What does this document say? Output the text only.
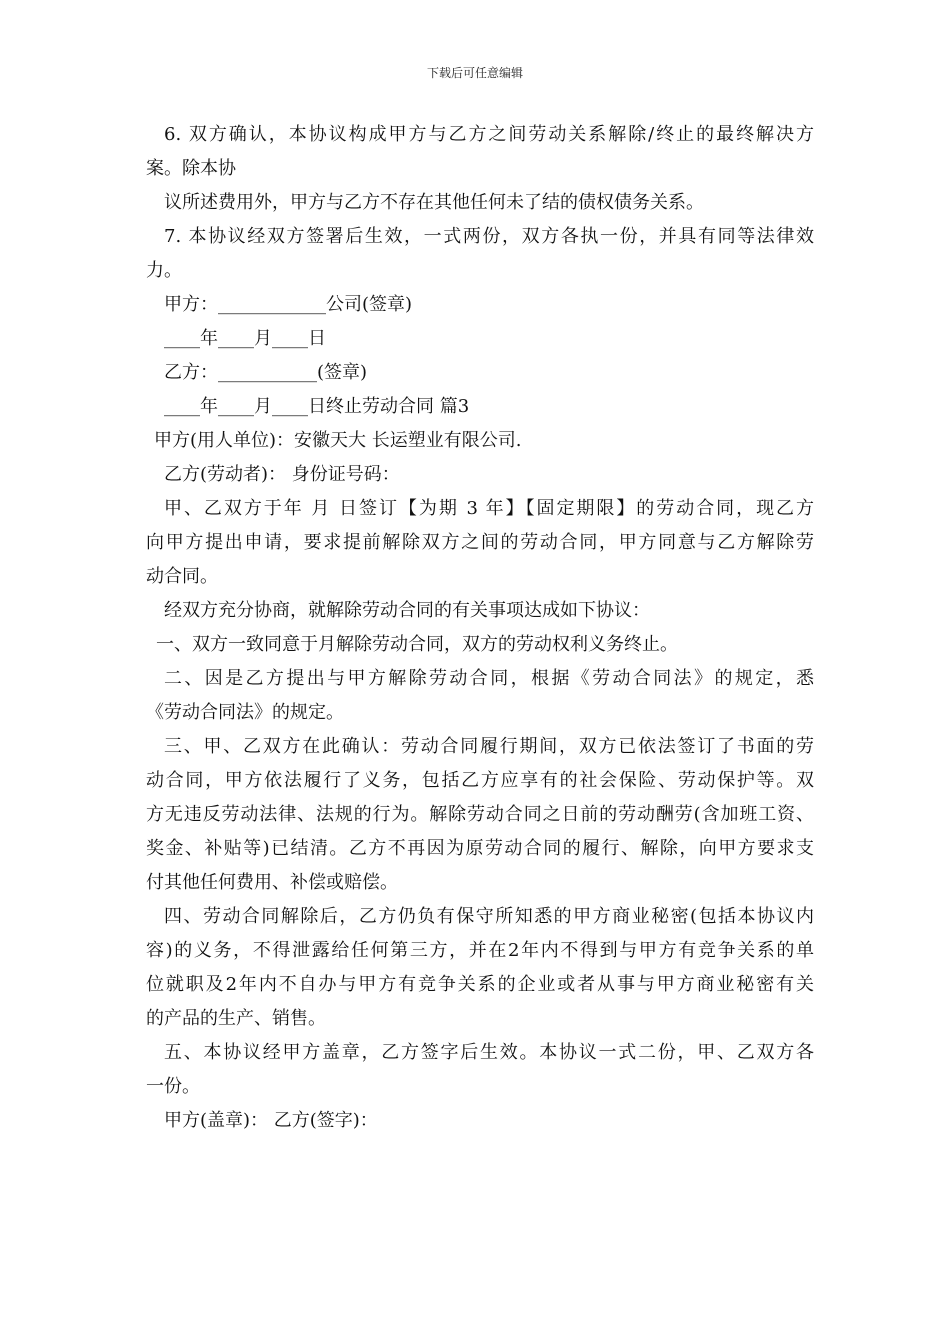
下载后可任意编辑
6. 双方确认，本协议构成甲方与乙方之间劳动关系解除/终止的最终解决方
案。除本协
议所述费用外，甲方与乙方不存在其他任何未了结的债权债务关系。
7. 本协议经双方签署后生效，一式两份，双方各执一份，并具有同等法律效
力。
甲方：____________公司(签章)
____年____月____日
乙方：___________(签章)
____年____月____日终止劳动合同 篇3
甲方(用人单位)：安徽天大 长运塑业有限公司.
乙方(劳动者)： 身份证号码：
甲、乙双方于年 月 日签订【为期 3 年】【固定期限】的劳动合同，现乙方
向甲方提出申请，要求提前解除双方之间的劳动合同，甲方同意与乙方解除劳
动合同。
经双方充分协商，就解除劳动合同的有关事项达成如下协议：
一、双方一致同意于月解除劳动合同，双方的劳动权利义务终止。
二、因是乙方提出与甲方解除劳动合同，根据《劳动合同法》的规定，悉
《劳动合同法》的规定。
三、甲、乙双方在此确认：劳动合同履行期间，双方已依法签订了书面的劳
动合同，甲方依法履行了义务，包括乙方应享有的社会保险、劳动保护等。双
方无违反劳动法律、法规的行为。解除劳动合同之日前的劳动酬劳(含加班工资、
奖金、补贴等)已结清。乙方不再因为原劳动合同的履行、解除，向甲方要求支
付其他任何费用、补偿或赔偿。
四、劳动合同解除后，乙方仍负有保守所知悉的甲方商业秘密(包括本协议内
容)的义务，不得泄露给任何第三方，并在2年内不得到与甲方有竞争关系的单
位就职及2年内不自办与甲方有竞争关系的企业或者从事与甲方商业秘密有关
的产品的生产、销售。
五、本协议经甲方盖章，乙方签字后生效。本协议一式二份，甲、乙双方各
一份。
甲方(盖章)： 乙方(签字)：
